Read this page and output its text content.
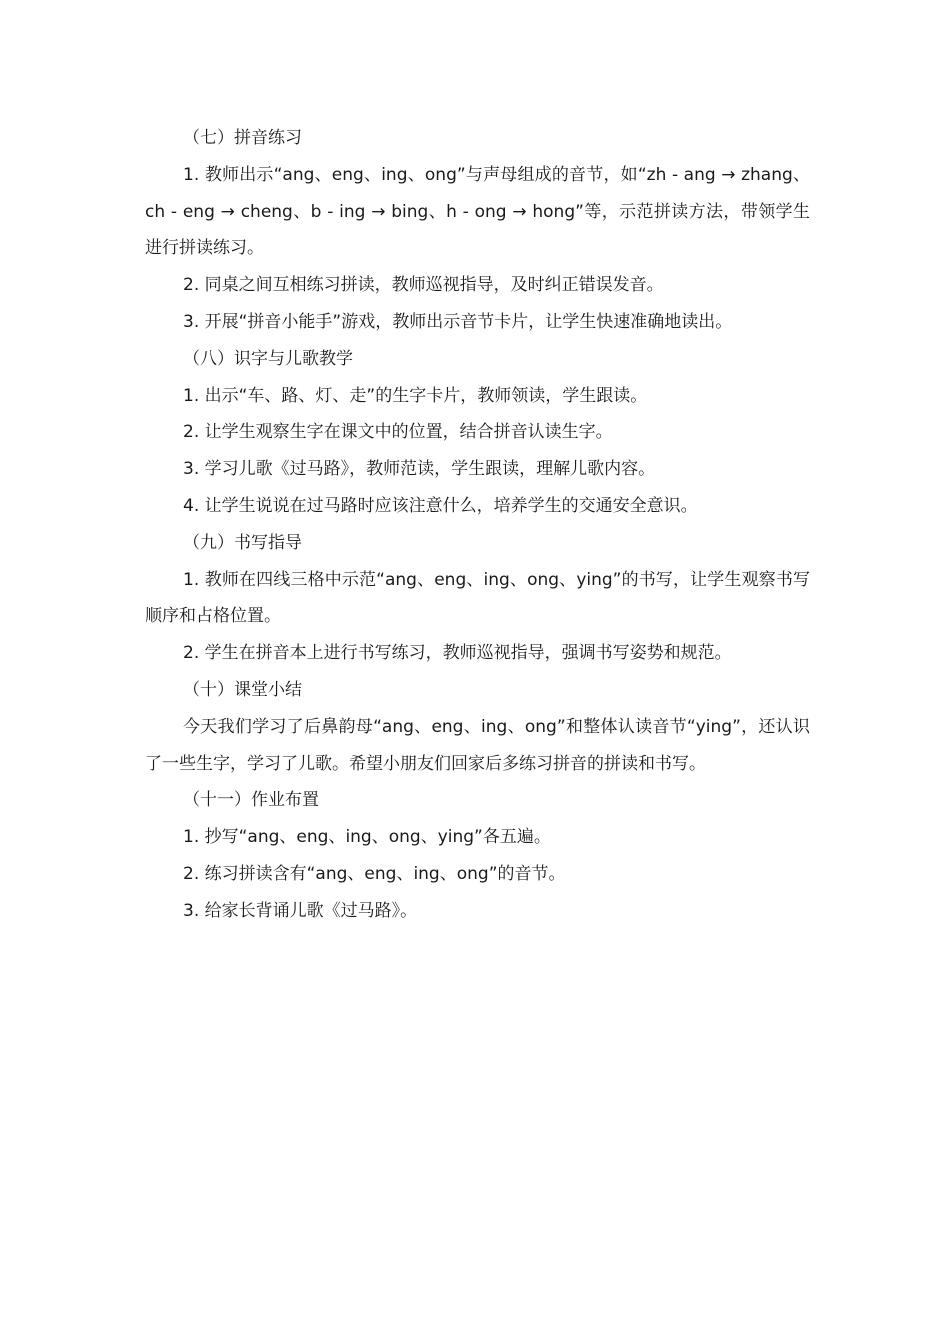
（七）拼音练习

1. 教师出示“ang、eng、ing、ong”与声母组成的音节，如“zh - ang → zhang、ch - eng → cheng、b - ing → bing、h - ong → hong”等，示范拼读方法，带领学生进行拼读练习。

2. 同桌之间互相练习拼读，教师巡视指导，及时纠正错误发音。

3. 开展“拼音小能手”游戏，教师出示音节卡片，让学生快速准确地读出。

（八）识字与儿歌教学

1. 出示“车、路、灯、走”的生字卡片，教师领读，学生跟读。

2. 让学生观察生字在课文中的位置，结合拼音认读生字。

3. 学习儿歌《过马路》，教师范读，学生跟读，理解儿歌内容。

4. 让学生说说在过马路时应该注意什么，培养学生的交通安全意识。

（九）书写指导

1. 教师在四线三格中示范“ang、eng、ing、ong、ying”的书写，让学生观察书写顺序和占格位置。

2. 学生在拼音本上进行书写练习，教师巡视指导，强调书写姿势和规范。

（十）课堂小结

今天我们学习了后鼻韵母“ang、eng、ing、ong”和整体认读音节“ying”，还认识了一些生字，学习了儿歌。希望小朋友们回家后多练习拼音的拼读和书写。

（十一）作业布置

1. 抄写“ang、eng、ing、ong、ying”各五遍。

2. 练习拼读含有“ang、eng、ing、ong”的音节。

3. 给家长背诵儿歌《过马路》。
